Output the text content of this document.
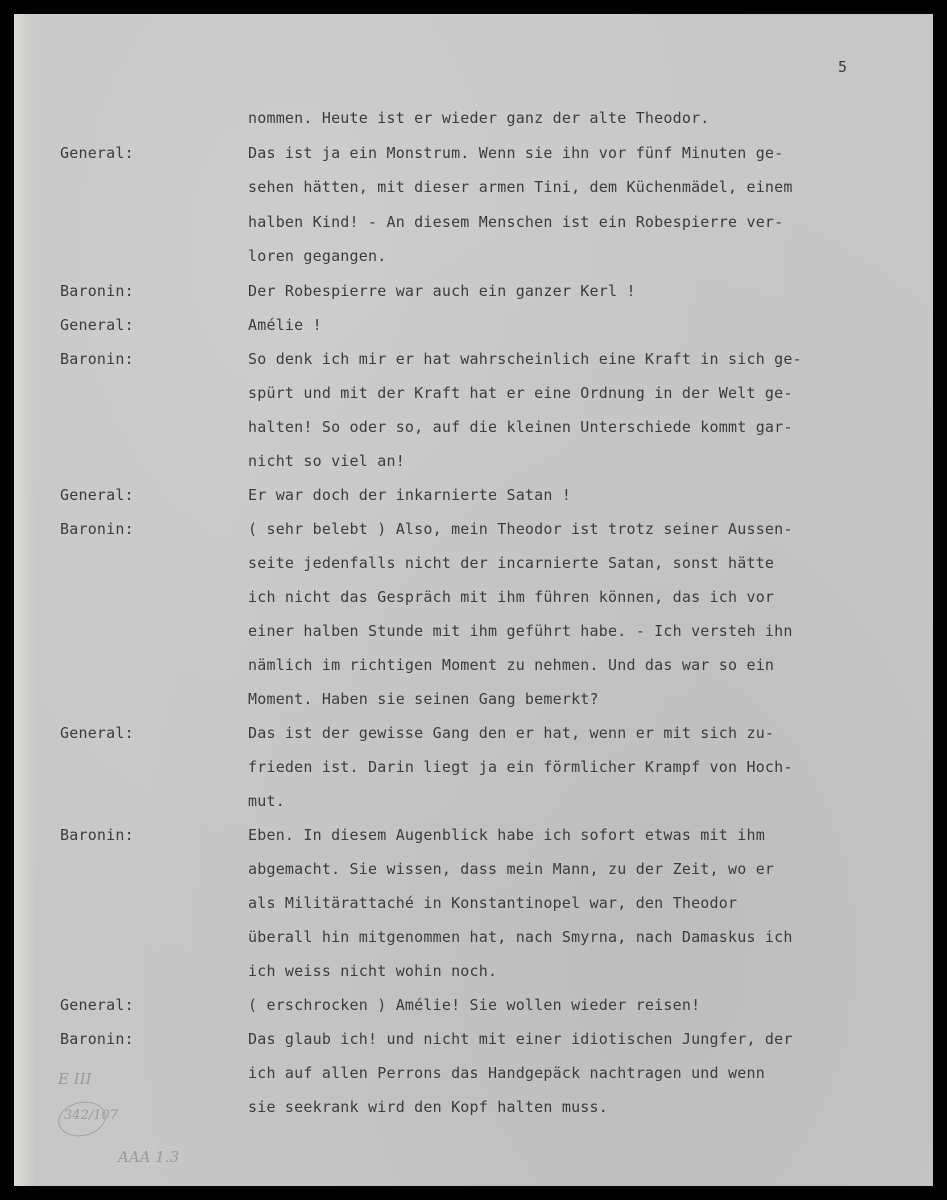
5
nommen. Heute ist er wieder ganz der alte Theodor.
General:	Das ist ja ein Monstrum. Wenn sie ihn vor fünf Minuten ge-
sehen hätten, mit dieser armen Tini, dem Küchenmädel, einem
halben Kind! - An diesem Menschen ist ein Robespierre ver-
loren gegangen.
Baronin:	Der Robespierre war auch ein ganzer Kerl !
General:	Amélie !
Baronin:	So denk ich mir er hat wahrscheinlich eine Kraft in sich ge-
spürt und mit der Kraft hat er eine Ordnung in der Welt ge-
halten! So oder so, auf die kleinen Unterschiede kommt gar-
nicht so viel an!
General:	Er war doch der inkarnierte Satan !
Baronin:	( sehr belebt ) Also, mein Theodor ist trotz seiner Aussen-
seite jedenfalls nicht der incarnierte Satan, sonst hätte
ich nicht das Gespräch mit ihm führen können, das ich vor
einer halben Stunde mit ihm geführt habe. - Ich versteh ihn
nämlich im richtigen Moment zu nehmen. Und das war so ein
Moment. Haben sie seinen Gang bemerkt?
General:	Das ist der gewisse Gang den er hat, wenn er mit sich zu-
frieden ist. Darin liegt ja ein förmlicher Krampf von Hoch-
mut.
Baronin:	Eben. In diesem Augenblick habe ich sofort etwas mit ihm
abgemacht. Sie wissen, dass mein Mann, zu der Zeit, wo er
als Militärattaché in Konstantinopel war, den Theodor
überall hin mitgenommen hat, nach Smyrna, nach Damaskus ich
ich weiss nicht wohin noch.
General:	( erschrocken ) Amélie! Sie wollen wieder reisen!
Baronin:	Das glaub ich! und nicht mit einer idiotischen Jungfer, der
ich auf allen Perrons das Handgepäck nachtragen und wenn
sie seekrank wird den Kopf halten muss.
E III
342/107
AAA 1.3
